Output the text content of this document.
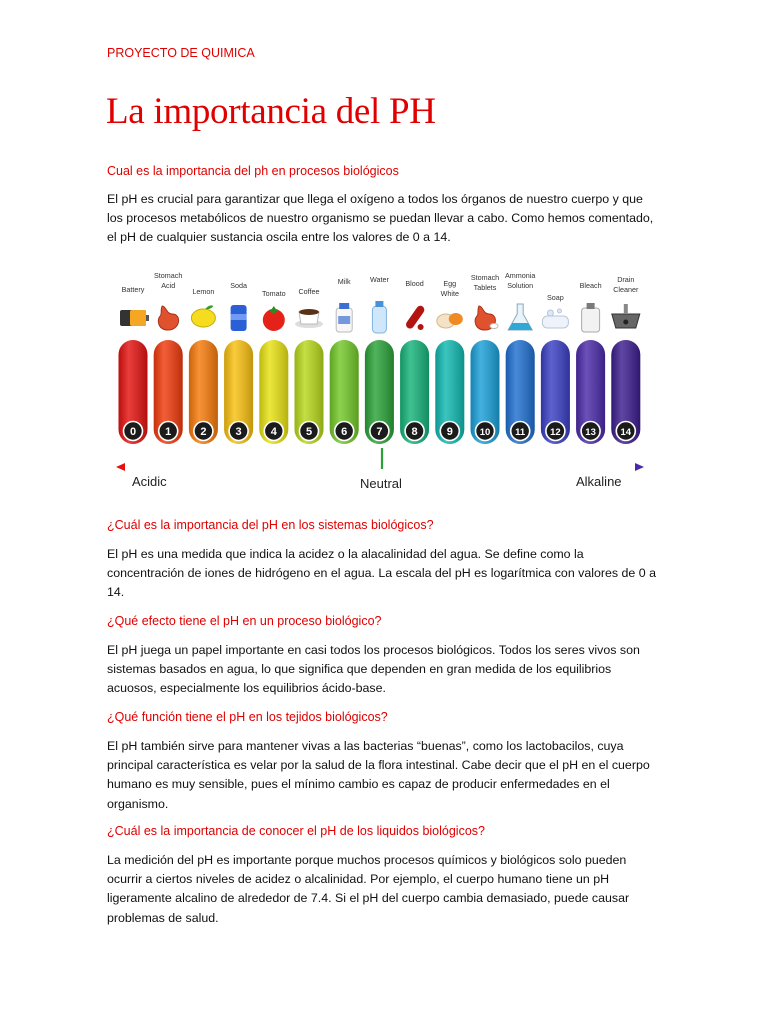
PROYECTO DE QUIMICA
La importancia del PH
Cual es la importancia del ph en procesos biológicos
El pH es crucial para garantizar que llega el oxígeno a todos los órganos de nuestro cuerpo y que
los procesos metabólicos de nuestro organismo se puedan llevar a cabo. Como hemos comentado,
el pH de cualquier sustancia oscila entre los valores de 0 a 14.
Battery
Stomach
Acid
Lemon
Soda
Tomato Coffee
Milk	Water Blood	Egg
White
Stomach
Tablets
Ammonia
Solution
Soap
Bleach
Drain
Cleaner
0	1	2	3	4	5	6	7	8	9	10	11	12	13	14
Acidic	Neutral	Alkaline
¿Cuál es la importancia del pH en los sistemas biológicos?
El pH es una medida que indica la acidez o la alacalinidad del agua. Se define como la
concentración de iones de hidrógeno en el agua. La escala del pH es logarítmica con valores de 0 a
14.
¿Qué efecto tiene el pH en un proceso biológico?
El pH juega un papel importante en casi todos los procesos biológicos. Todos los seres vivos son
sistemas basados en agua, lo que significa que dependen en gran medida de los equilibrios
acuosos, especialmente los equilibrios ácido-base.
¿Qué función tiene el pH en los tejidos biológicos?
El pH también sirve para mantener vivas a las bacterias “buenas”, como los lactobacilos, cuya
principal característica es velar por la salud de la flora intestinal. Cabe decir que el pH en el cuerpo
humano es muy sensible, pues el mínimo cambio es capaz de producir enfermedades en el
organismo.
¿Cuál es la importancia de conocer el pH de los liquidos biológicos?
La medición del pH es importante porque muchos procesos químicos y biológicos solo pueden
ocurrir a ciertos niveles de acidez o alcalinidad. Por ejemplo, el cuerpo humano tiene un pH
ligeramente alcalino de alrededor de 7.4. Si el pH del cuerpo cambia demasiado, puede causar
problemas de salud.
